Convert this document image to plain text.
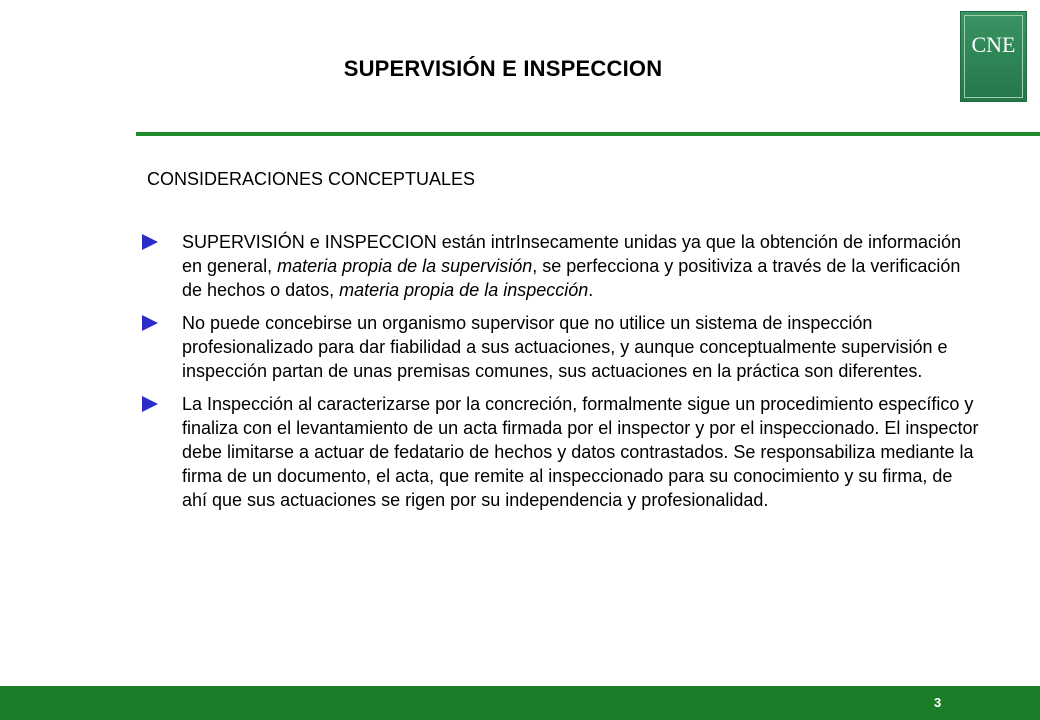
SUPERVISIÓN E INSPECCION
CNE
CONSIDERACIONES CONCEPTUALES
SUPERVISIÓN e INSPECCION están intrInsecamente unidas ya que la obtención de información en general, materia propia de la supervisión, se perfecciona y positiviza a través de la verificación de hechos o datos, materia propia de la inspección.
No puede concebirse un organismo supervisor que no utilice un sistema de inspección profesionalizado para dar fiabilidad a sus actuaciones, y aunque conceptualmente supervisión e inspección partan de unas premisas comunes, sus actuaciones en la práctica son diferentes.
La Inspección al caracterizarse por la concreción, formalmente sigue un procedimiento específico y finaliza con el levantamiento de un acta firmada por el inspector y por el inspeccionado. El inspector debe limitarse a actuar de fedatario de hechos y datos contrastados. Se responsabiliza mediante la firma de un documento, el acta, que remite al inspeccionado para su conocimiento y su firma, de ahí que sus actuaciones se rigen por su independencia y profesionalidad.
3
